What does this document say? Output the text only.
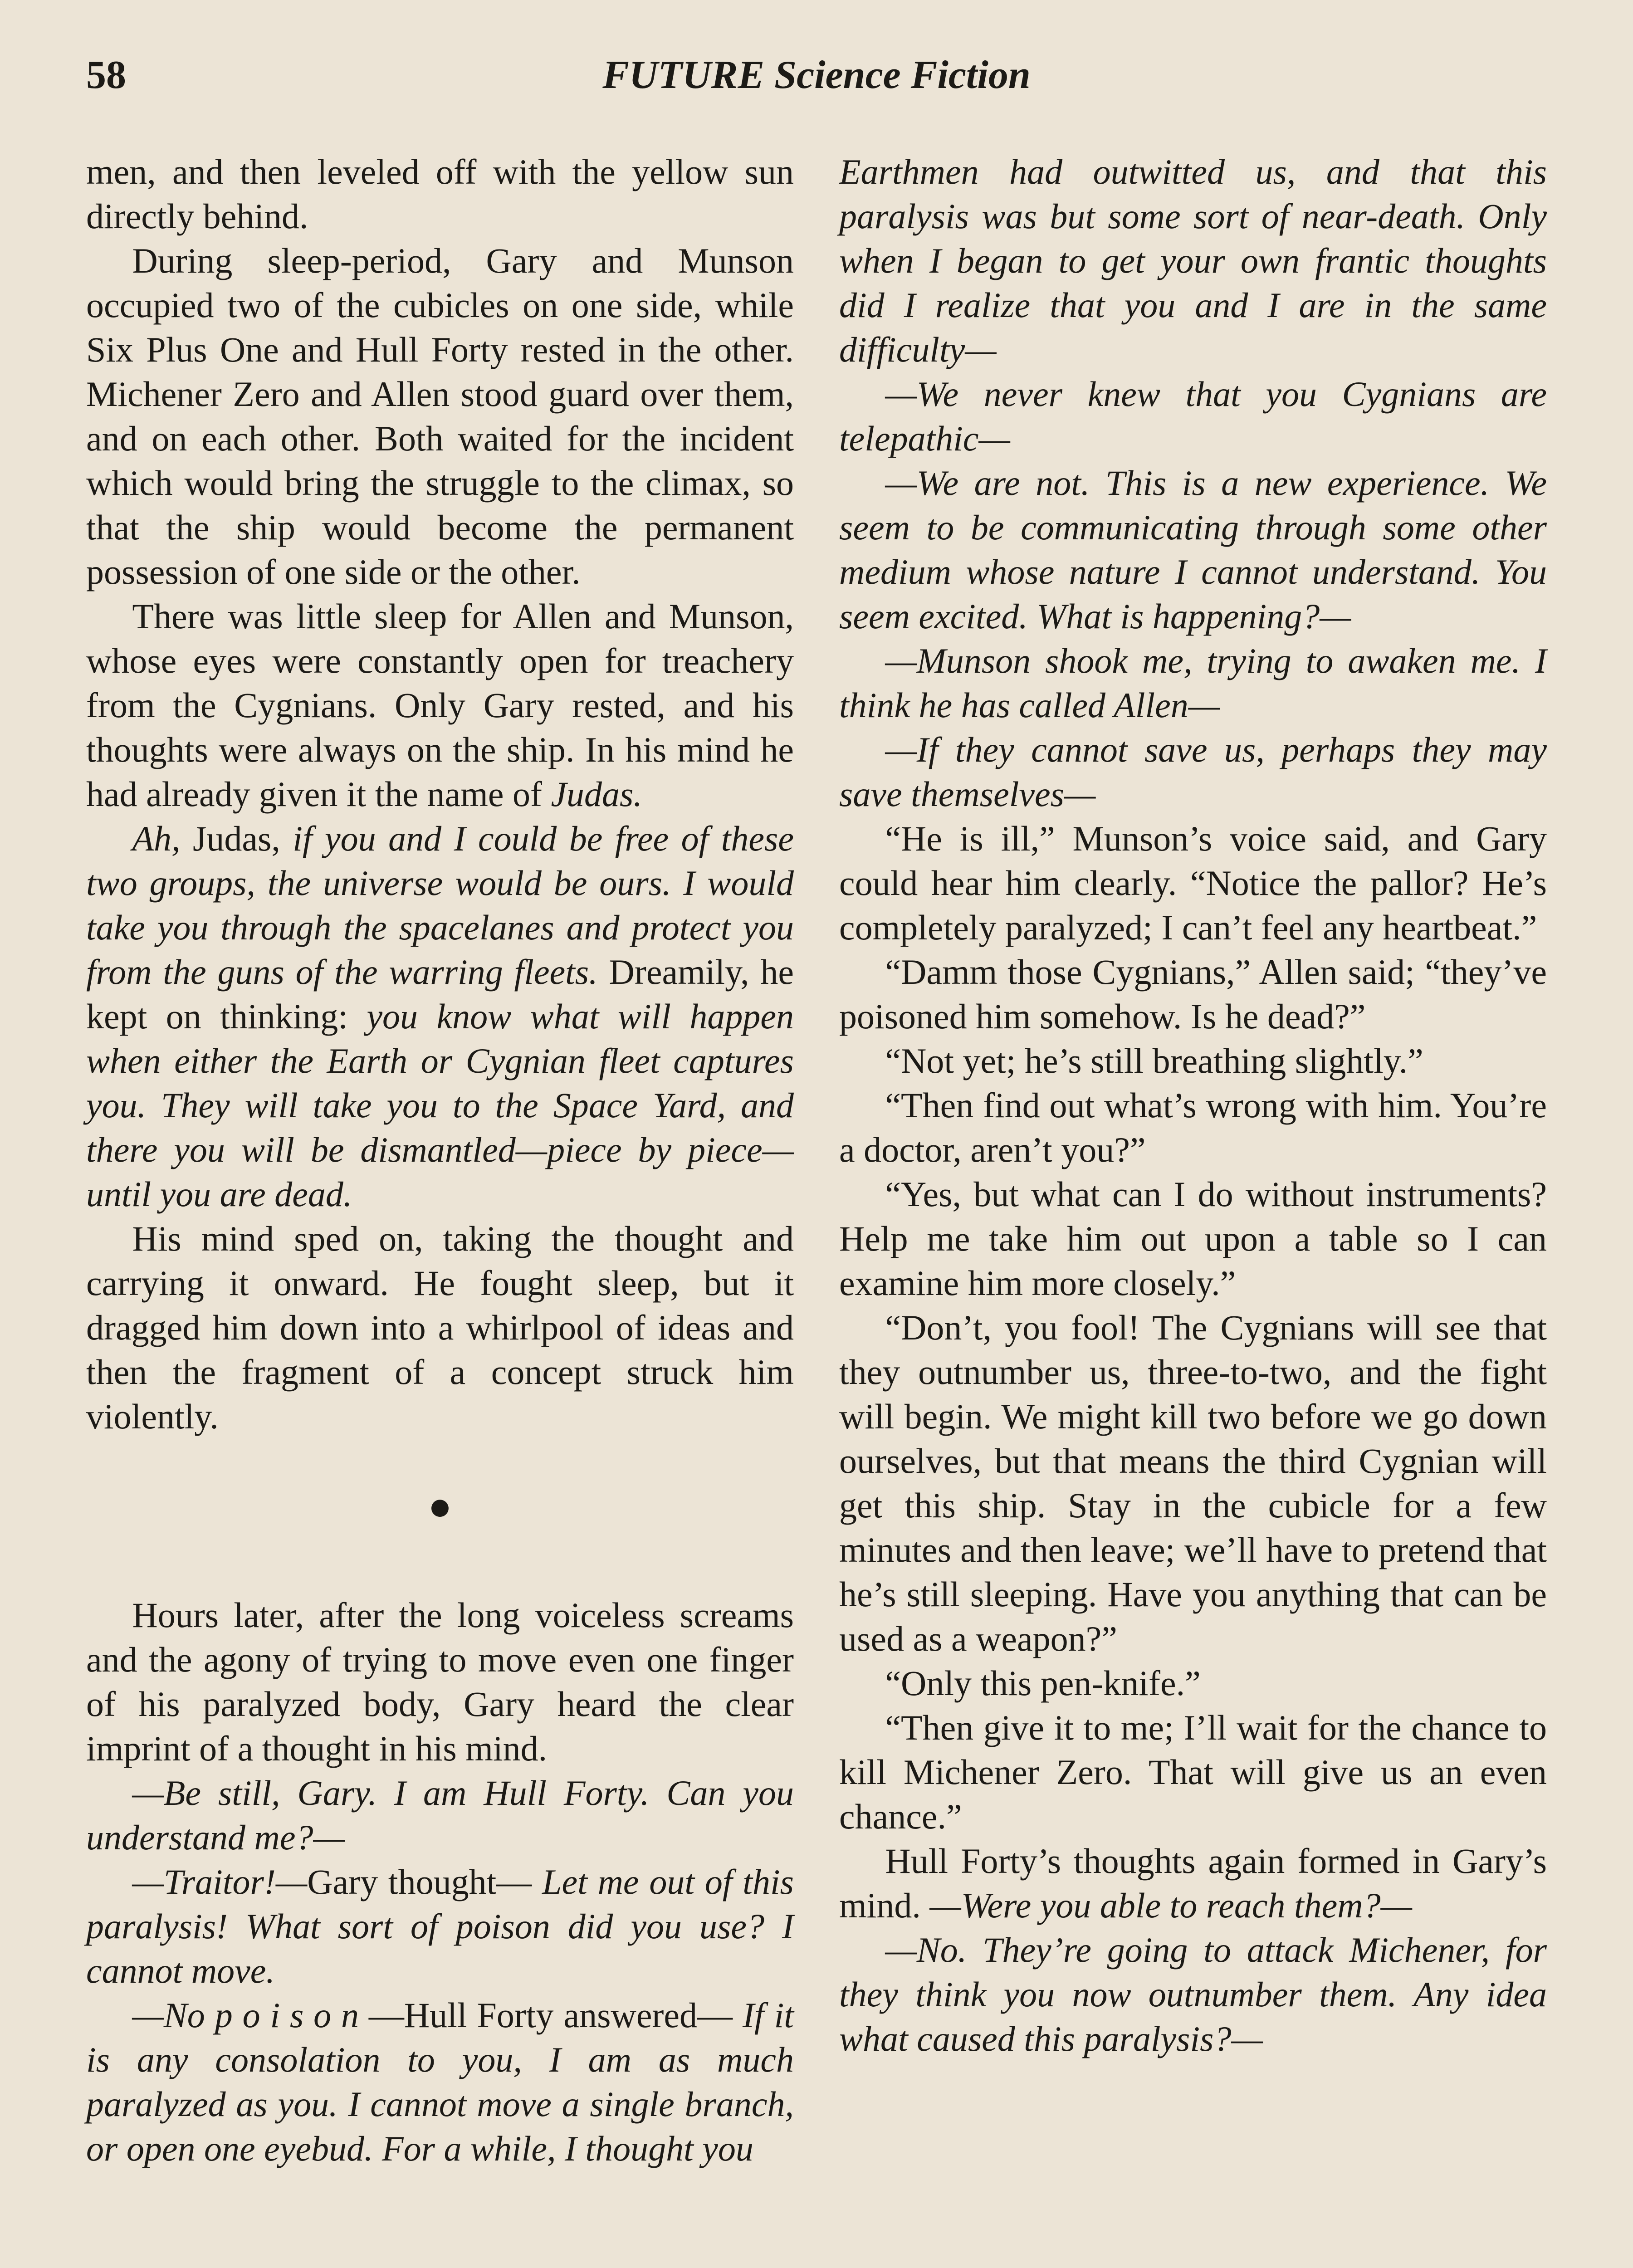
58	FUTURE Science Fiction

men, and then leveled off with the yellow sun directly behind.

During sleep-period, Gary and Munson occupied two of the cubicles on one side, while Six Plus One and Hull Forty rested in the other. Michener Zero and Allen stood guard over them, and on each other. Both waited for the incident which would bring the struggle to the climax, so that the ship would become the permanent possession of one side or the other.

There was little sleep for Allen and Munson, whose eyes were constantly open for treachery from the Cygnians. Only Gary rested, and his thoughts were always on the ship. In his mind he had already given it the name of Judas.

Ah, Judas, if you and I could be free of these two groups, the universe would be ours. I would take you through the spacelanes and protect you from the guns of the warring fleets. Dreamily, he kept on thinking: you know what will happen when either the Earth or Cygnian fleet captures you. They will take you to the Space Yard, and there you will be dismantled—piece by piece—until you are dead.

His mind sped on, taking the thought and carrying it onward. He fought sleep, but it dragged him down into a whirlpool of ideas and then the fragment of a concept struck him violently.

●

Hours later, after the long voiceless screams and the agony of trying to move even one finger of his paralyzed body, Gary heard the clear imprint of a thought in his mind.

—Be still, Gary. I am Hull Forty. Can you understand me?—

—Traitor!—Gary thought— Let me out of this paralysis! What sort of poison did you use? I cannot move.

—No poison—Hull Forty answered— If it is any consolation to you, I am as much paralyzed as you. I cannot move a single branch, or open one eyebud. For a while, I thought you

Earthmen had outwitted us, and that this paralysis was but some sort of near-death. Only when I began to get your own frantic thoughts did I realize that you and I are in the same difficulty—

—We never knew that you Cygnians are telepathic—

—We are not. This is a new experience. We seem to be communicating through some other medium whose nature I cannot understand. You seem excited. What is happening?—

—Munson shook me, trying to awaken me. I think he has called Allen—

—If they cannot save us, perhaps they may save themselves—

“He is ill,” Munson’s voice said, and Gary could hear him clearly. “Notice the pallor? He’s completely paralyzed; I can’t feel any heartbeat.”

“Damm those Cygnians,” Allen said; “they’ve poisoned him somehow. Is he dead?”

“Not yet; he’s still breathing slightly.”

“Then find out what’s wrong with him. You’re a doctor, aren’t you?”

“Yes, but what can I do without instruments? Help me take him out upon a table so I can examine him more closely.”

“Don’t, you fool! The Cygnians will see that they outnumber us, three-to-two, and the fight will begin. We might kill two before we go down ourselves, but that means the third Cygnian will get this ship. Stay in the cubicle for a few minutes and then leave; we’ll have to pretend that he’s still sleeping. Have you anything that can be used as a weapon?”

“Only this pen-knife.”

“Then give it to me; I’ll wait for the chance to kill Michener Zero. That will give us an even chance.”

Hull Forty’s thoughts again formed in Gary’s mind. —Were you able to reach them?—

—No. They’re going to attack Michener, for they think you now outnumber them. Any idea what caused this paralysis?—
